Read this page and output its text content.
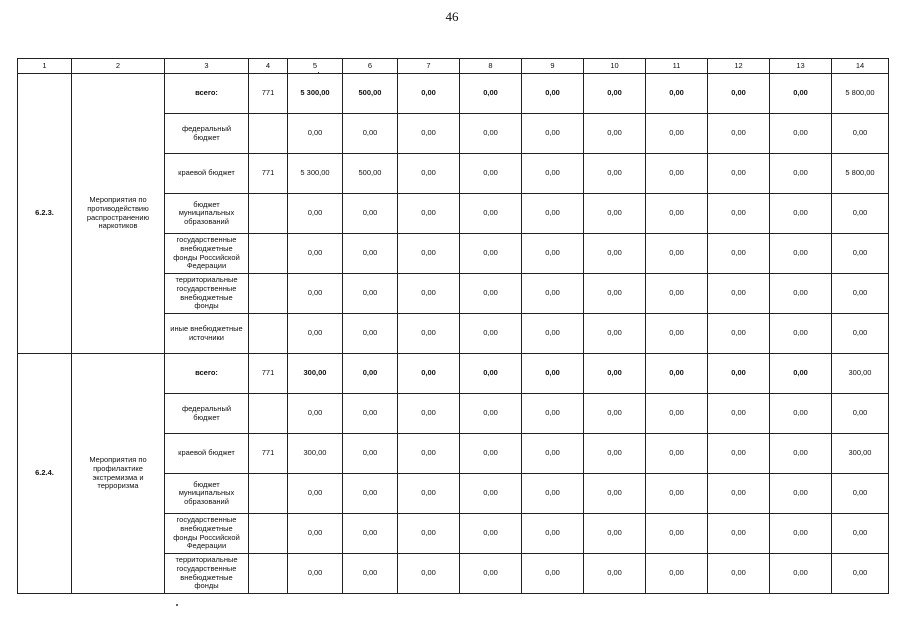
46
1	2	3	4	5	6	7	8	9	10	11	12	13	14
6.2.3.	Мероприятия по противодействию распространению наркотиков	всего:	771	5 300,00	500,00	0,00	0,00	0,00	0,00	0,00	0,00	0,00	5 800,00
		федеральный бюджет		0,00	0,00	0,00	0,00	0,00	0,00	0,00	0,00	0,00	0,00
		краевой бюджет	771	5 300,00	500,00	0,00	0,00	0,00	0,00	0,00	0,00	0,00	5 800,00
		бюджет муниципальных образований		0,00	0,00	0,00	0,00	0,00	0,00	0,00	0,00	0,00	0,00
		государственные внебюджетные фонды Российской Федерации		0,00	0,00	0,00	0,00	0,00	0,00	0,00	0,00	0,00	0,00
		территориальные государственные внебюджетные фонды		0,00	0,00	0,00	0,00	0,00	0,00	0,00	0,00	0,00	0,00
		иные внебюджетные источники		0,00	0,00	0,00	0,00	0,00	0,00	0,00	0,00	0,00	0,00
6.2.4.	Мероприятия по профилактике экстремизма и терроризма	всего:	771	300,00	0,00	0,00	0,00	0,00	0,00	0,00	0,00	0,00	300,00
		федеральный бюджет		0,00	0,00	0,00	0,00	0,00	0,00	0,00	0,00	0,00	0,00
		краевой бюджет	771	300,00	0,00	0,00	0,00	0,00	0,00	0,00	0,00	0,00	300,00
		бюджет муниципальных образований		0,00	0,00	0,00	0,00	0,00	0,00	0,00	0,00	0,00	0,00
		государственные внебюджетные фонды Российской Федерации		0,00	0,00	0,00	0,00	0,00	0,00	0,00	0,00	0,00	0,00
		территориальные государственные внебюджетные фонды		0,00	0,00	0,00	0,00	0,00	0,00	0,00	0,00	0,00	0,00
